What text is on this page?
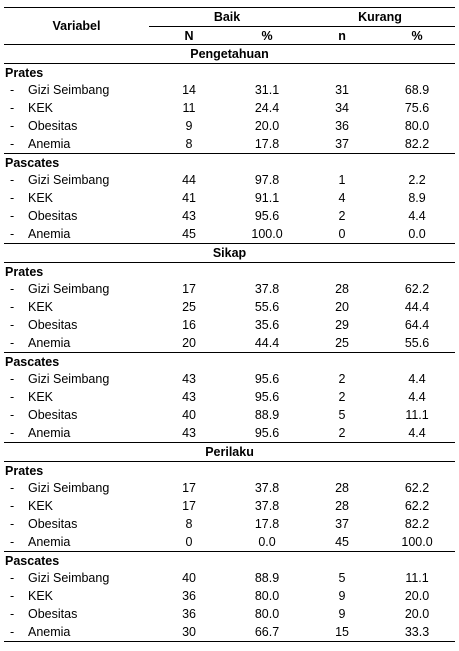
Variabel		Baik		Kurang	
		N	%	n	%
Pengetahuan					
Prates					
-	Gizi Seimbang	14	31.1	31	68.9
-	KEK	11	24.4	34	75.6
-	Obesitas	9	20.0	36	80.0
-	Anemia	8	17.8	37	82.2
Pascates					
-	Gizi Seimbang	44	97.8	1	2.2
-	KEK	41	91.1	4	8.9
-	Obesitas	43	95.6	2	4.4
-	Anemia	45	100.0	0	0.0
Sikap					
Prates					
-	Gizi Seimbang	17	37.8	28	62.2
-	KEK	25	55.6	20	44.4
-	Obesitas	16	35.6	29	64.4
-	Anemia	20	44.4	25	55.6
Pascates					
-	Gizi Seimbang	43	95.6	2	4.4
-	KEK	43	95.6	2	4.4
-	Obesitas	40	88.9	5	11.1
-	Anemia	43	95.6	2	4.4
Perilaku					
Prates					
-	Gizi Seimbang	17	37.8	28	62.2
-	KEK	17	37.8	28	62.2
-	Obesitas	8	17.8	37	82.2
-	Anemia	0	0.0	45	100.0
Pascates					
-	Gizi Seimbang	40	88.9	5	11.1
-	KEK	36	80.0	9	20.0
-	Obesitas	36	80.0	9	20.0
-	Anemia	30	66.7	15	33.3
